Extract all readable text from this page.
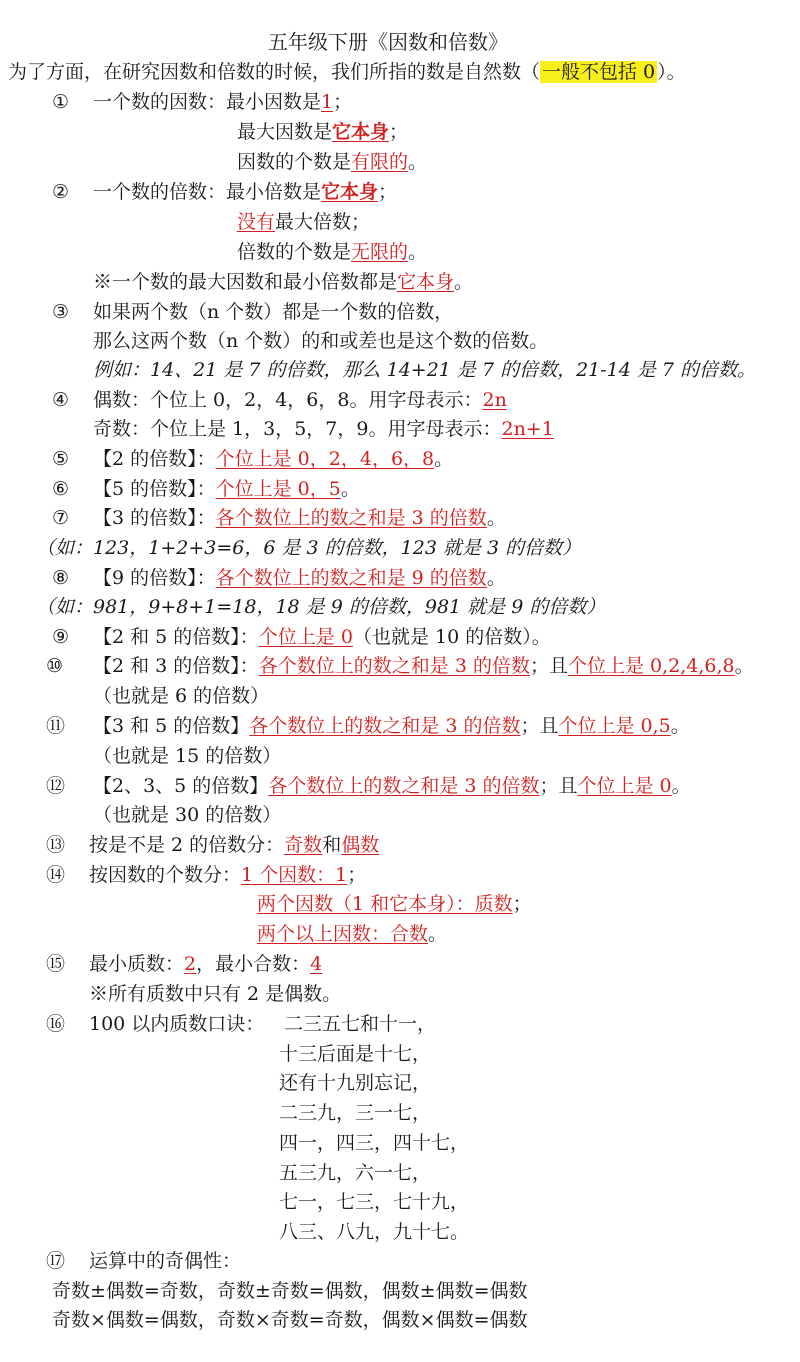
五年级下册《因数和倍数》
为了方面，在研究因数和倍数的时候，我们所指的数是自然数（ 一般不包括 0 ）。
① 一个数的因数：最小因数是1；
最大因数是它本身；
因数的个数是有限的。
② 一个数的倍数：最小倍数是它本身；
没有最大倍数；
倍数的个数是无限的。
※一个数的最大因数和最小倍数都是它本身。
③ 如果两个数（n 个数）都是一个数的倍数，
那么这两个数（n 个数）的和或差也是这个数的倍数。
例如：14、21 是 7 的倍数，那么 14+21 是 7 的倍数，21-14 是 7 的倍数。
④ 偶数：个位上 0，2，4，6，8。用字母表示：2n
奇数：个位上是 1，3，5，7，9。用字母表示：2n+1
⑤ 【2 的倍数】：个位上是 0，2，4，6，8。
⑥ 【5 的倍数】：个位上是 0，5。
⑦ 【3 的倍数】：各个数位上的数之和是 3 的倍数。
（如：123，1+2+3=6，6 是 3 的倍数，123 就是 3 的倍数）
⑧ 【9 的倍数】：各个数位上的数之和是 9 的倍数。
（如：981，9+8+1=18，18 是 9 的倍数，981 就是 9 的倍数）
⑨ 【2 和 5 的倍数】：个位上是 0（也就是 10 的倍数）。
⑩ 【2 和 3 的倍数】：各个数位上的数之和是 3 的倍数；且个位上是 0,2,4,6,8。
（也就是 6 的倍数）
⑪ 【3 和 5 的倍数】各个数位上的数之和是 3 的倍数；且个位上是 0,5。
（也就是 15 的倍数）
⑫ 【2、3、5 的倍数】各个数位上的数之和是 3 的倍数；且个位上是 0。
（也就是 30 的倍数）
⑬ 按是不是 2 的倍数分：奇数和偶数
⑭ 按因数的个数分：1 个因数：1；
两个因数（1 和它本身）：质数；
两个以上因数：合数。
⑮ 最小质数：2，最小合数：4
※所有质数中只有 2 是偶数。
⑯ 100 以内质数口诀： 二三五七和十一，
十三后面是十七，
还有十九别忘记，
二三九，三一七，
四一，四三，四十七，
五三九，六一七，
七一，七三，七十九，
八三、八九，九十七。
⑰ 运算中的奇偶性：
奇数±偶数=奇数，奇数±奇数=偶数，偶数±偶数=偶数
奇数×偶数=偶数，奇数×奇数=奇数，偶数×偶数=偶数
